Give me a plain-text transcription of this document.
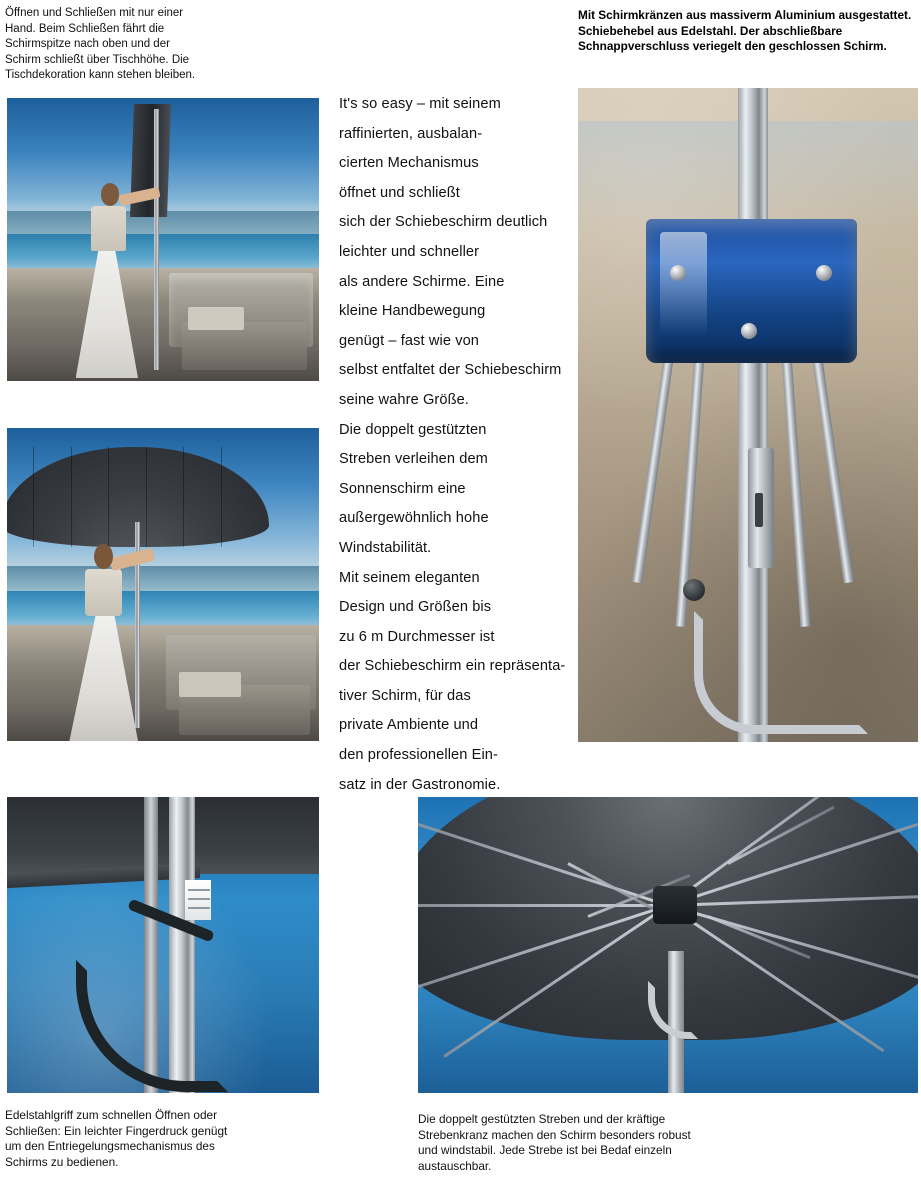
Öffnen und Schließen mit nur einer Hand. Beim Schließen fährt die Schirmspitze nach oben und der Schirm schließt über Tischhöhe. Die Tischdekoration kann stehen bleiben.
Mit Schirmkränzen aus massiverm Aluminium ausgestattet. Schiebehebel aus Edelstahl. Der abschließbare Schnappverschluss veriegelt den geschlossen Schirm.
It's so easy – mit seinem
raffinierten, ausbalan-
cierten Mechanismus
öffnet und schließt
sich der Schiebeschirm deutlich
leichter und schneller
als andere Schirme. Eine
kleine Handbewegung
genügt – fast wie von
selbst entfaltet der Schiebeschirm
seine wahre Größe.
Die doppelt gestützten
Streben verleihen dem
Sonnenschirm eine
außergewöhnlich hohe
Windstabilität.
Mit seinem eleganten
Design und Größen bis
zu 6 m Durchmesser ist
der Schiebeschirm ein repräsenta-
tiver Schirm, für das
private Ambiente und
den professionellen Ein-
satz in der Gastronomie.
Edelstahlgriff zum schnellen Öffnen oder Schließen: Ein leichter Fingerdruck genügt um den Entriegelungsmechanismus des Schirms zu bedienen.
Die doppelt gestützten Streben und der kräftige Strebenkranz machen den Schirm besonders robust und windstabil. Jede Strebe ist bei Bedaf einzeln austauschbar.
